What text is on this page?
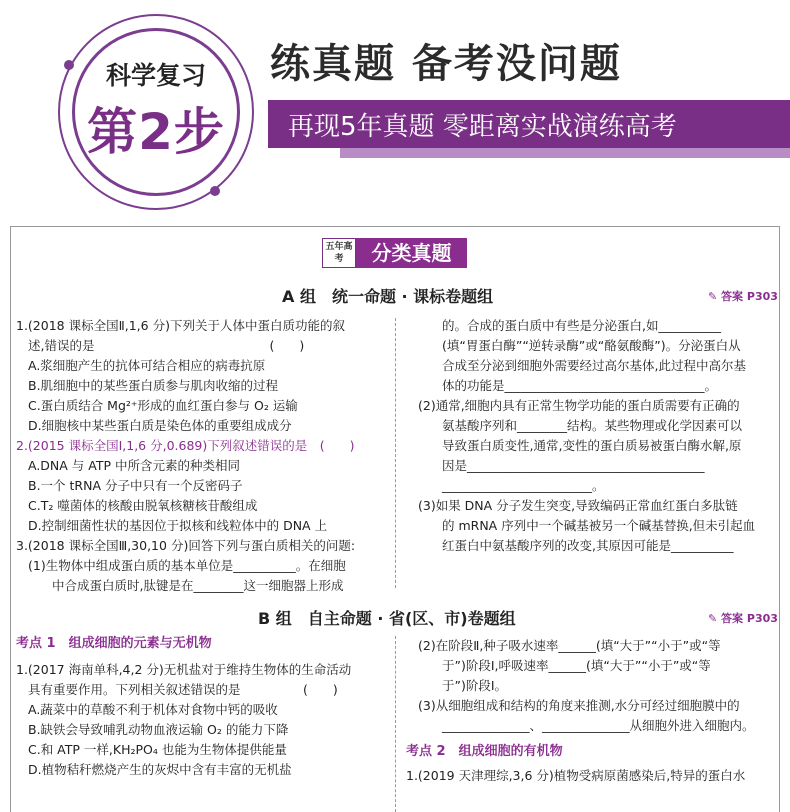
科学复习
第2步
练真题 备考没问题
再现5年真题 零距离实战演练高考
五年高考	分类真题
A 组　统一命题 · 课标卷题组	✎ 答案 P303

1.(2018 课标全国Ⅱ,1,6 分)下列关于人体中蛋白质功能的叙

述,错误的是　　　　　　　　　　　　　　(　　)

A.浆细胞产生的抗体可结合相应的病毒抗原

B.肌细胞中的某些蛋白质参与肌肉收缩的过程

C.蛋白质结合 Mg²⁺形成的血红蛋白参与 O₂ 运输

D.细胞核中某些蛋白质是染色体的重要组成成分

2.(2015 课标全国Ⅰ,1,6 分,0.689)下列叙述错误的是　(　　)

A.DNA 与 ATP 中所含元素的种类相同

B.一个 tRNA 分子中只有一个反密码子

C.T₂ 噬菌体的核酸由脱氧核糖核苷酸组成

D.控制细菌性状的基因位于拟核和线粒体中的 DNA 上

3.(2018 课标全国Ⅲ,30,10 分)回答下列与蛋白质相关的问题:

(1)生物体中组成蛋白质的基本单位是__________。在细胞

中合成蛋白质时,肽键是在________这一细胞器上形成

的。合成的蛋白质中有些是分泌蛋白,如__________

(填“胃蛋白酶”“逆转录酶”或“酪氨酸酶”)。分泌蛋白从

合成至分泌到细胞外需要经过高尔基体,此过程中高尔基

体的功能是________________________________。

(2)通常,细胞内具有正常生物学功能的蛋白质需要有正确的

氨基酸序列和________结构。某些物理或化学因素可以

导致蛋白质变性,通常,变性的蛋白质易被蛋白酶水解,原

因是______________________________________

________________________。

(3)如果 DNA 分子发生突变,导致编码正常血红蛋白多肽链

的 mRNA 序列中一个碱基被另一个碱基替换,但未引起血

红蛋白中氨基酸序列的改变,其原因可能是__________

B 组　自主命题 · 省(区、市)卷题组	✎ 答案 P303

考点 1　组成细胞的元素与无机物

1.(2017 海南单科,4,2 分)无机盐对于维持生物体的生命活动

具有重要作用。下列相关叙述错误的是　　　　　(　　)

A.蔬菜中的草酸不利于机体对食物中钙的吸收

B.缺铁会导致哺乳动物血液运输 O₂ 的能力下降

C.和 ATP 一样,KH₂PO₄ 也能为生物体提供能量

D.植物秸秆燃烧产生的灰烬中含有丰富的无机盐

(2)在阶段Ⅱ,种子吸水速率______(填“大于”“小于”或“等

于”)阶段Ⅰ,呼吸速率______(填“大于”“小于”或“等

于”)阶段Ⅰ。

(3)从细胞组成和结构的角度来推测,水分可经过细胞膜中的

______________、______________从细胞外进入细胞内。

考点 2　组成细胞的有机物

1.(2019 天津理综,3,6 分)植物受病原菌感染后,特异的蛋白水
